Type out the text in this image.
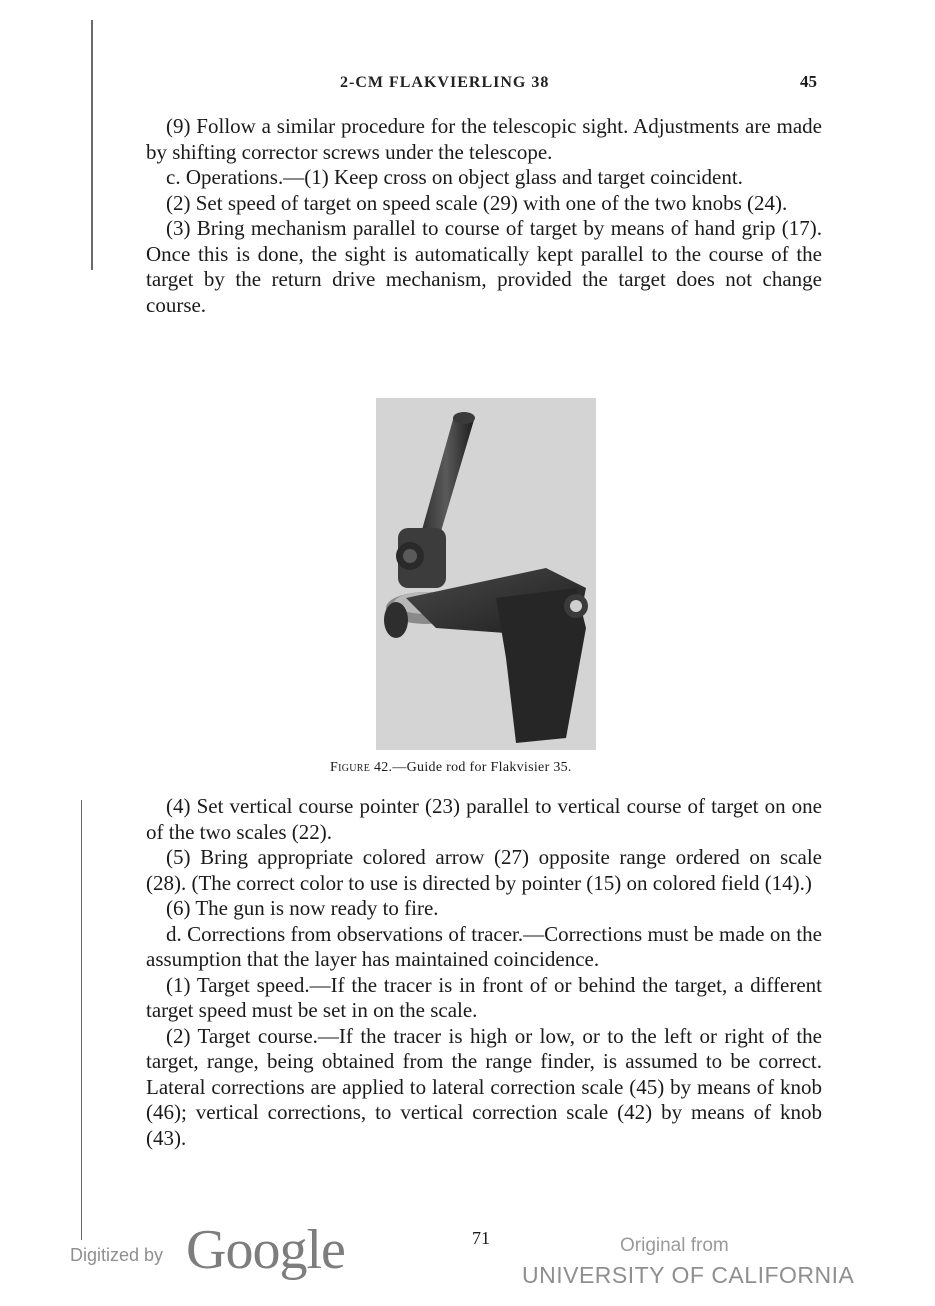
2-CM FLAKVIERLING 38	45

(9) Follow a similar procedure for the telescopic sight. Adjustments are made by shifting corrector screws under the telescope.

c. Operations.—(1) Keep cross on object glass and target coincident.

(2) Set speed of target on speed scale (29) with one of the two knobs (24).

(3) Bring mechanism parallel to course of target by means of hand grip (17). Once this is done, the sight is automatically kept parallel to the course of the target by the return drive mechanism, provided the target does not change course.

Figure 42.—Guide rod for Flakvisier 35.

(4) Set vertical course pointer (23) parallel to vertical course of target on one of the two scales (22).

(5) Bring appropriate colored arrow (27) opposite range ordered on scale (28). (The correct color to use is directed by pointer (15) on colored field (14).)

(6) The gun is now ready to fire.

d. Corrections from observations of tracer.—Corrections must be made on the assumption that the layer has maintained coincidence.

(1) Target speed.—If the tracer is in front of or behind the target, a different target speed must be set in on the scale.

(2) Target course.—If the tracer is high or low, or to the left or right of the target, range, being obtained from the range finder, is assumed to be correct. Lateral corrections are applied to lateral correction scale (45) by means of knob (46); vertical corrections, to vertical correction scale (42) by means of knob (43).

71
Digitized by Google	Original from
UNIVERSITY OF CALIFORNIA
